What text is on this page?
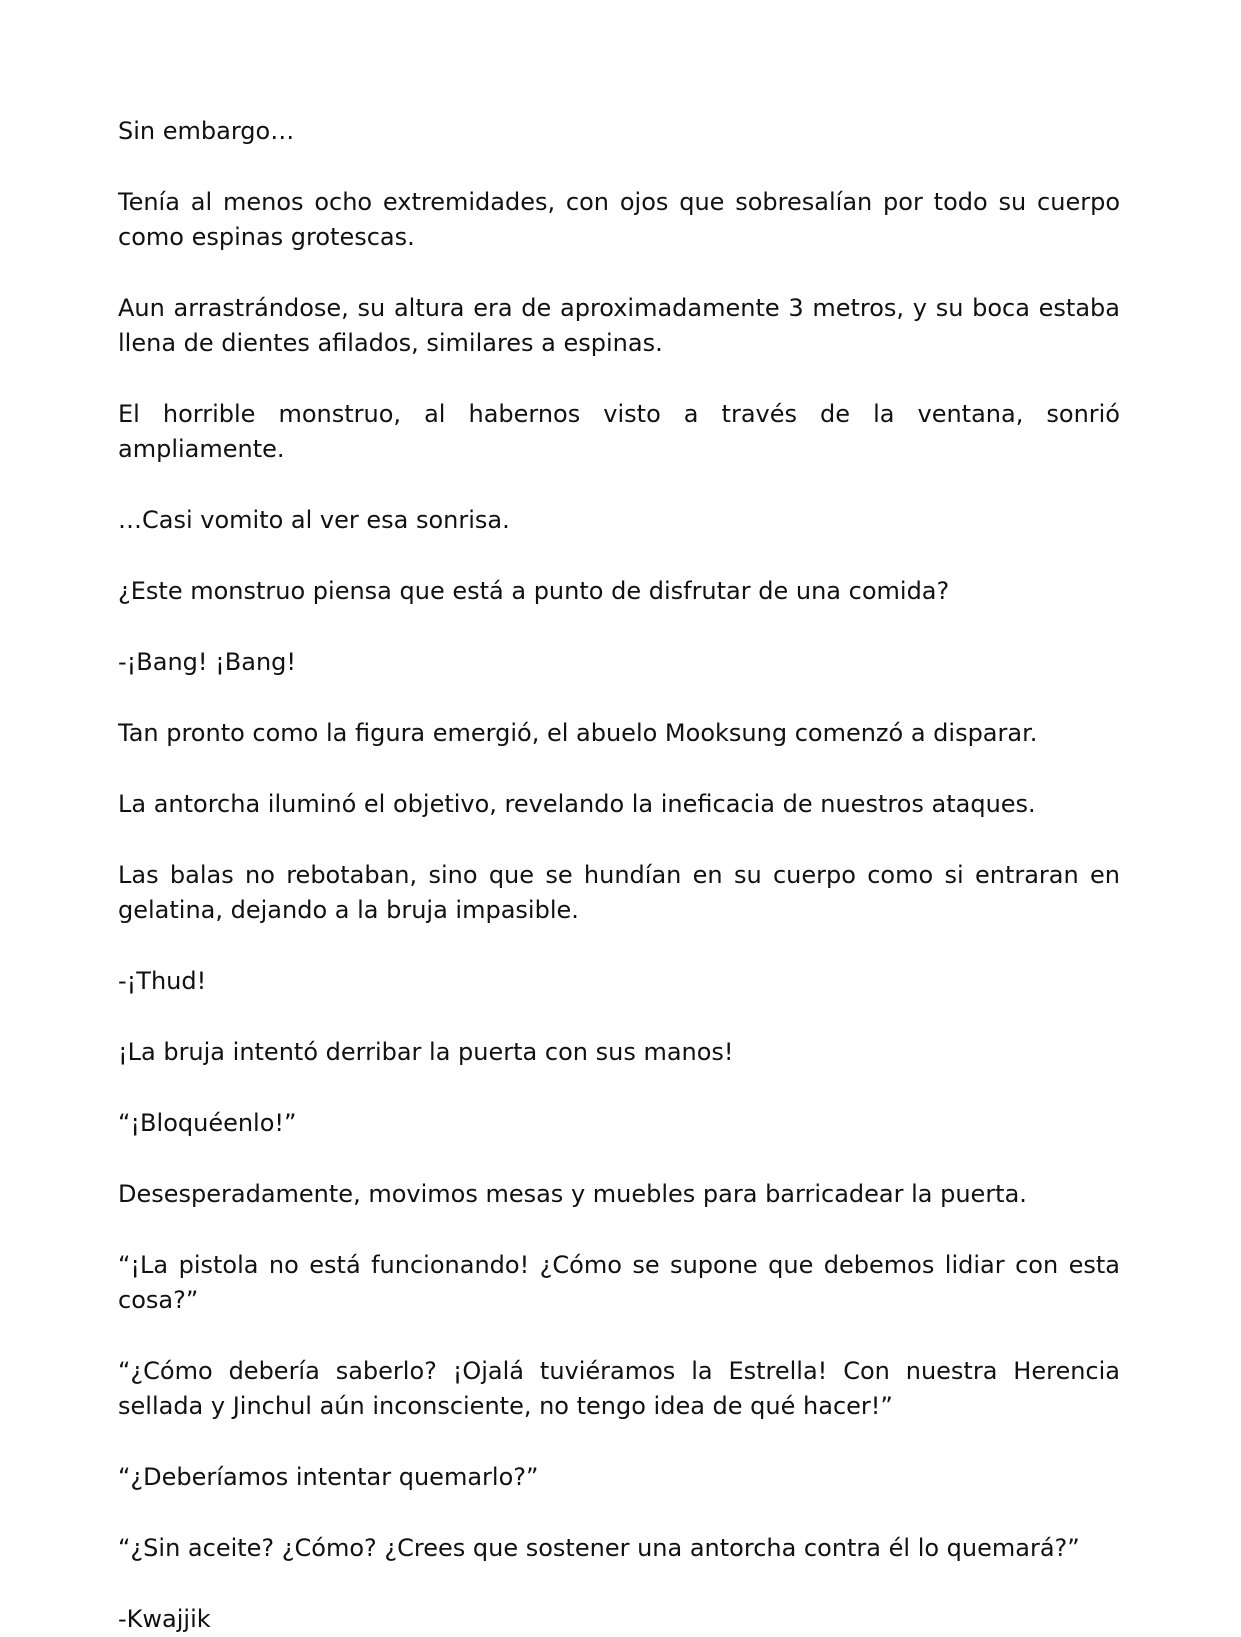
Sin embargo…

Tenía al menos ocho extremidades, con ojos que sobresalían por todo su cuerpo como espinas grotescas.

Aun arrastrándose, su altura era de aproximadamente 3 metros, y su boca estaba llena de dientes afilados, similares a espinas.

El horrible monstruo, al habernos visto a través de la ventana, sonrió ampliamente.

…Casi vomito al ver esa sonrisa.

¿Este monstruo piensa que está a punto de disfrutar de una comida?

-¡Bang! ¡Bang!

Tan pronto como la figura emergió, el abuelo Mooksung comenzó a disparar.

La antorcha iluminó el objetivo, revelando la ineficacia de nuestros ataques.

Las balas no rebotaban, sino que se hundían en su cuerpo como si entraran en gelatina, dejando a la bruja impasible.

-¡Thud!

¡La bruja intentó derribar la puerta con sus manos!

“¡Bloquéenlo!”

Desesperadamente, movimos mesas y muebles para barricadear la puerta.

“¡La pistola no está funcionando! ¿Cómo se supone que debemos lidiar con esta cosa?”

“¿Cómo debería saberlo? ¡Ojalá tuviéramos la Estrella! Con nuestra Herencia sellada y Jinchul aún inconsciente, no tengo idea de qué hacer!”

“¿Deberíamos intentar quemarlo?”

“¿Sin aceite? ¿Cómo? ¿Crees que sostener una antorcha contra él lo quemará?”

-Kwajjik
